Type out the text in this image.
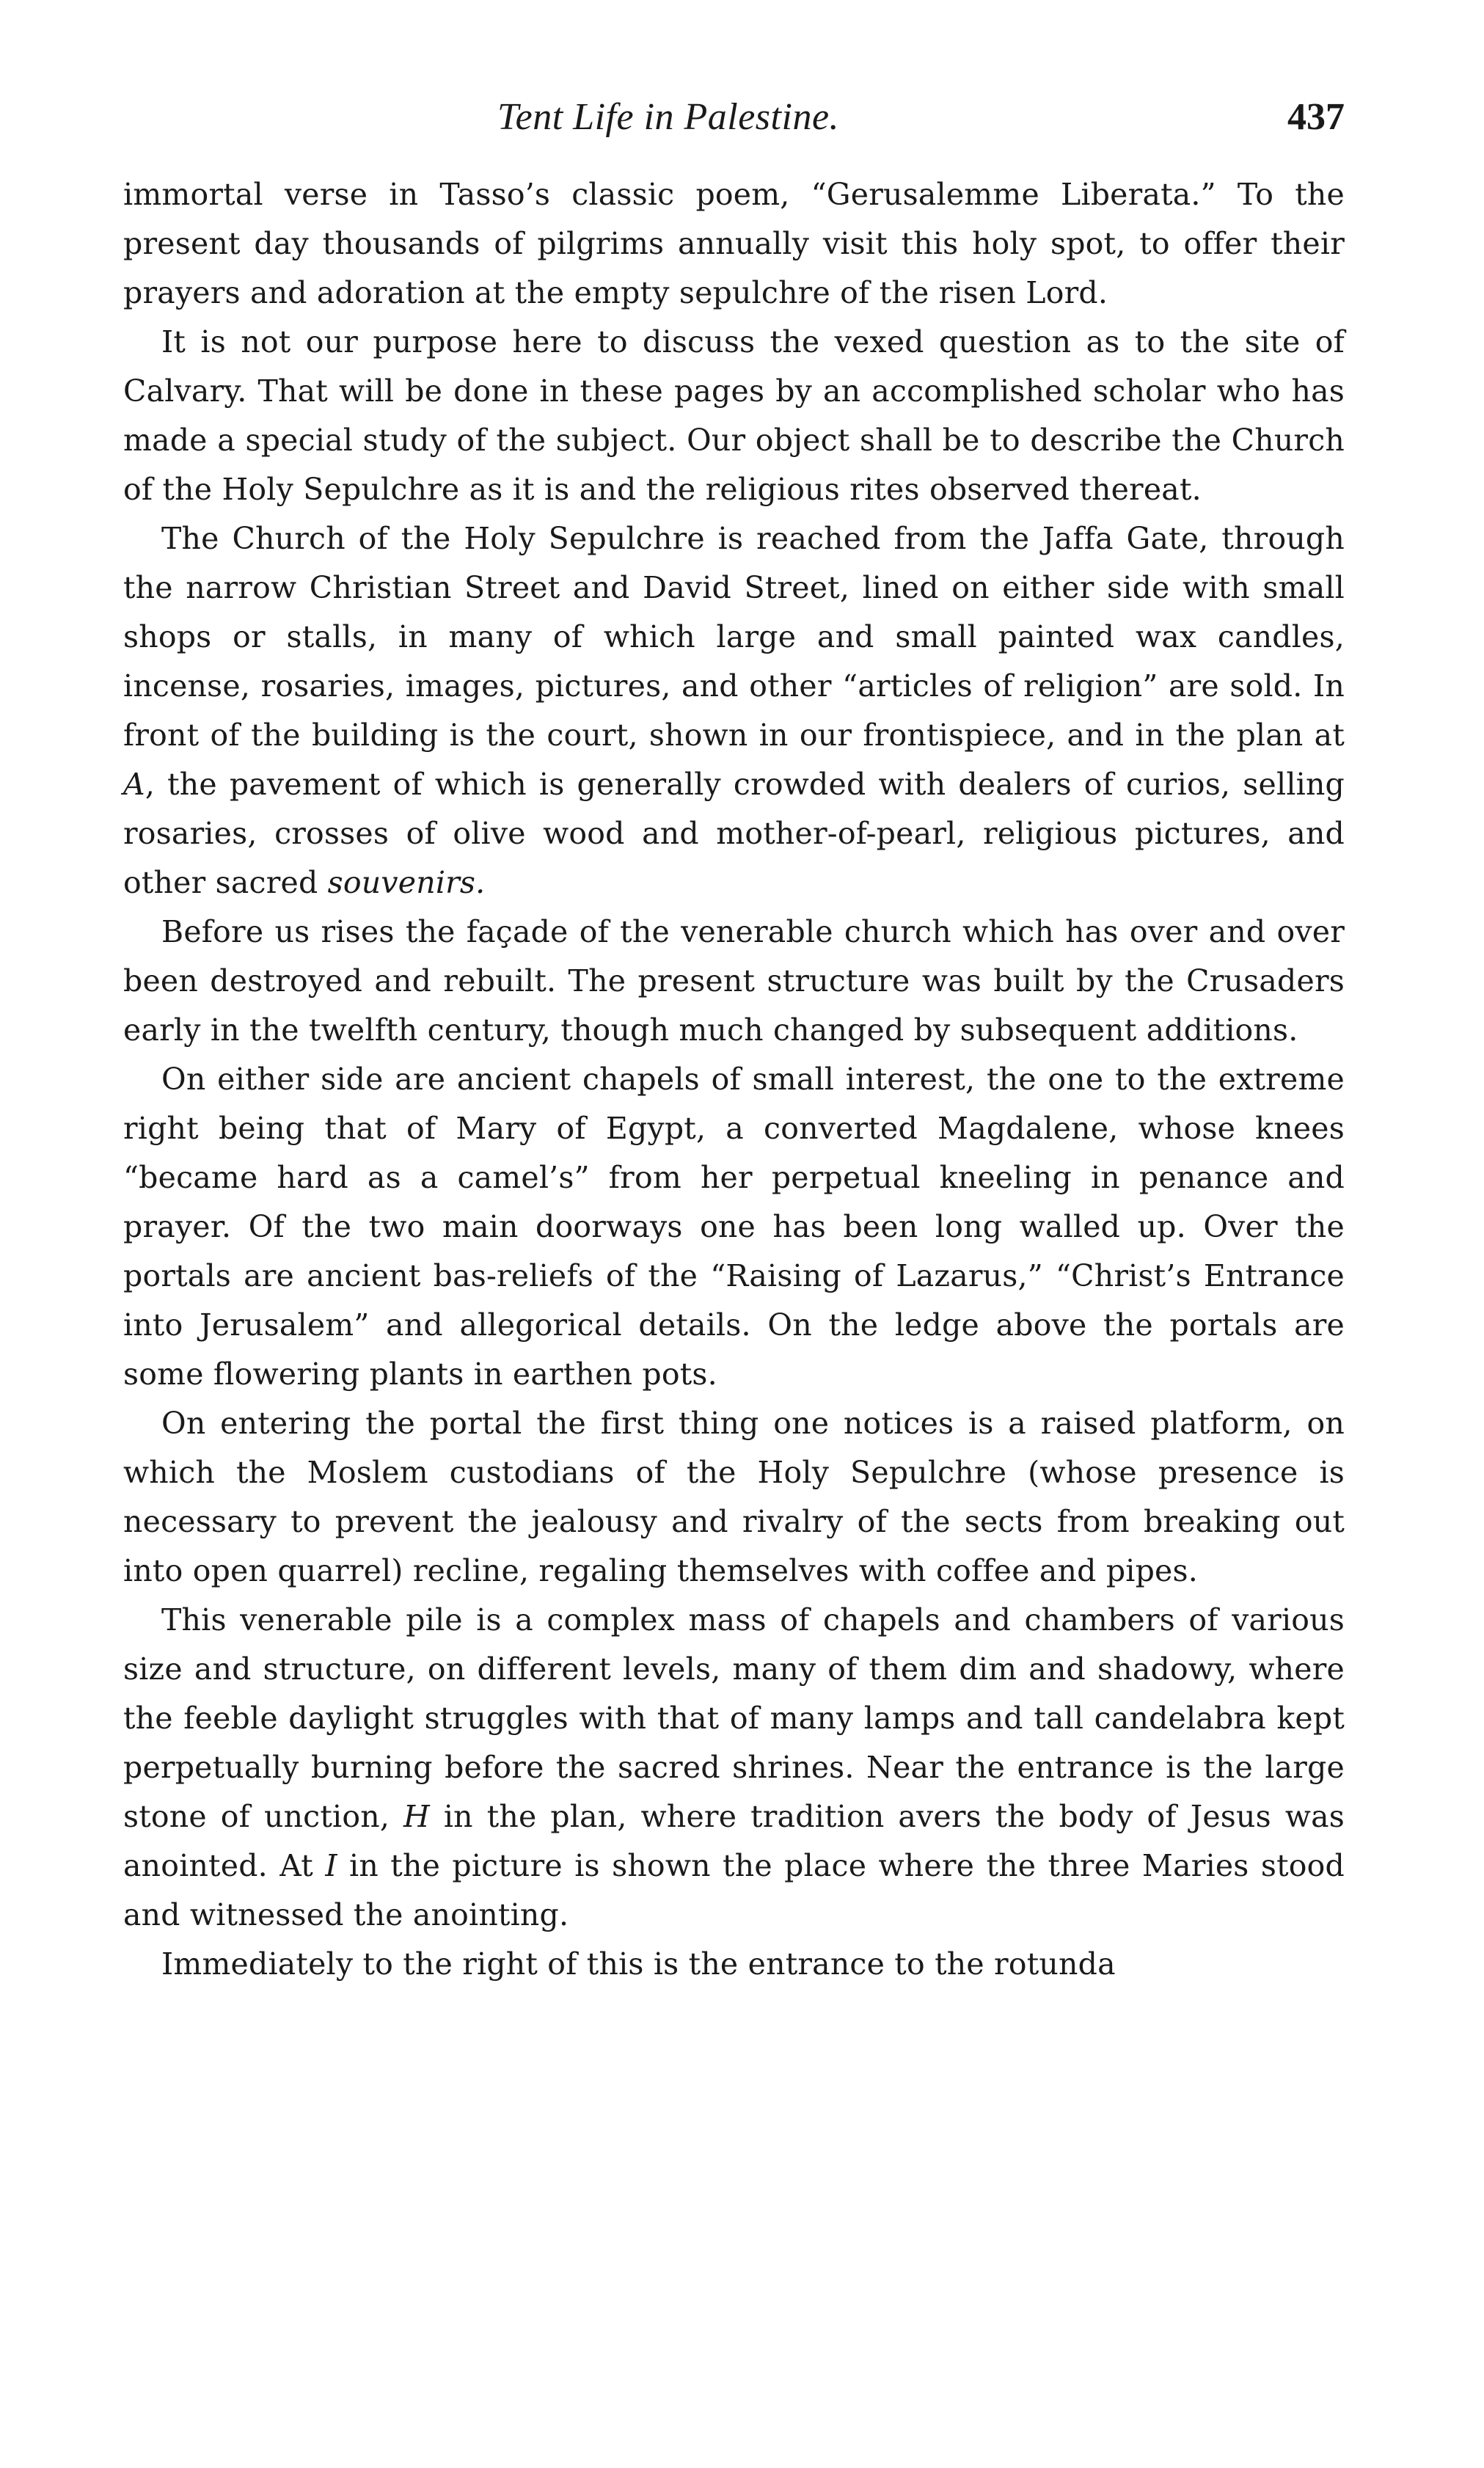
Tent Life in Palestine.	437

immortal verse in Tasso’s classic poem, “Gerusalemme Liberata.” To the present day thousands of pilgrims annually visit this holy spot, to offer their prayers and adoration at the empty sepulchre of the risen Lord.

It is not our purpose here to discuss the vexed question as to the site of Calvary. That will be done in these pages by an accomplished scholar who has made a special study of the subject. Our object shall be to describe the Church of the Holy Sepulchre as it is and the religious rites observed thereat.

The Church of the Holy Sepulchre is reached from the Jaffa Gate, through the narrow Christian Street and David Street, lined on either side with small shops or stalls, in many of which large and small painted wax candles, incense, rosaries, images, pictures, and other “articles of religion” are sold. In front of the building is the court, shown in our frontispiece, and in the plan at A, the pavement of which is generally crowded with dealers of curios, selling rosaries, crosses of olive wood and mother-of-pearl, religious pictures, and other sacred souvenirs.

Before us rises the façade of the venerable church which has over and over been destroyed and rebuilt. The present structure was built by the Crusaders early in the twelfth century, though much changed by subsequent additions.

On either side are ancient chapels of small interest, the one to the extreme right being that of Mary of Egypt, a converted Magdalene, whose knees “became hard as a camel’s” from her perpetual kneeling in penance and prayer. Of the two main doorways one has been long walled up. Over the portals are ancient bas-reliefs of the “Raising of Lazarus,” “Christ’s Entrance into Jerusalem” and allegorical details. On the ledge above the portals are some flowering plants in earthen pots.

On entering the portal the first thing one notices is a raised platform, on which the Moslem custodians of the Holy Sepulchre (whose presence is necessary to prevent the jealousy and rivalry of the sects from breaking out into open quarrel) recline, regaling themselves with coffee and pipes.

This venerable pile is a complex mass of chapels and chambers of various size and structure, on different levels, many of them dim and shadowy, where the feeble daylight struggles with that of many lamps and tall candelabra kept perpetually burning before the sacred shrines. Near the entrance is the large stone of unction, H in the plan, where tradition avers the body of Jesus was anointed. At I in the picture is shown the place where the three Maries stood and witnessed the anointing.

Immediately to the right of this is the entrance to the rotunda
